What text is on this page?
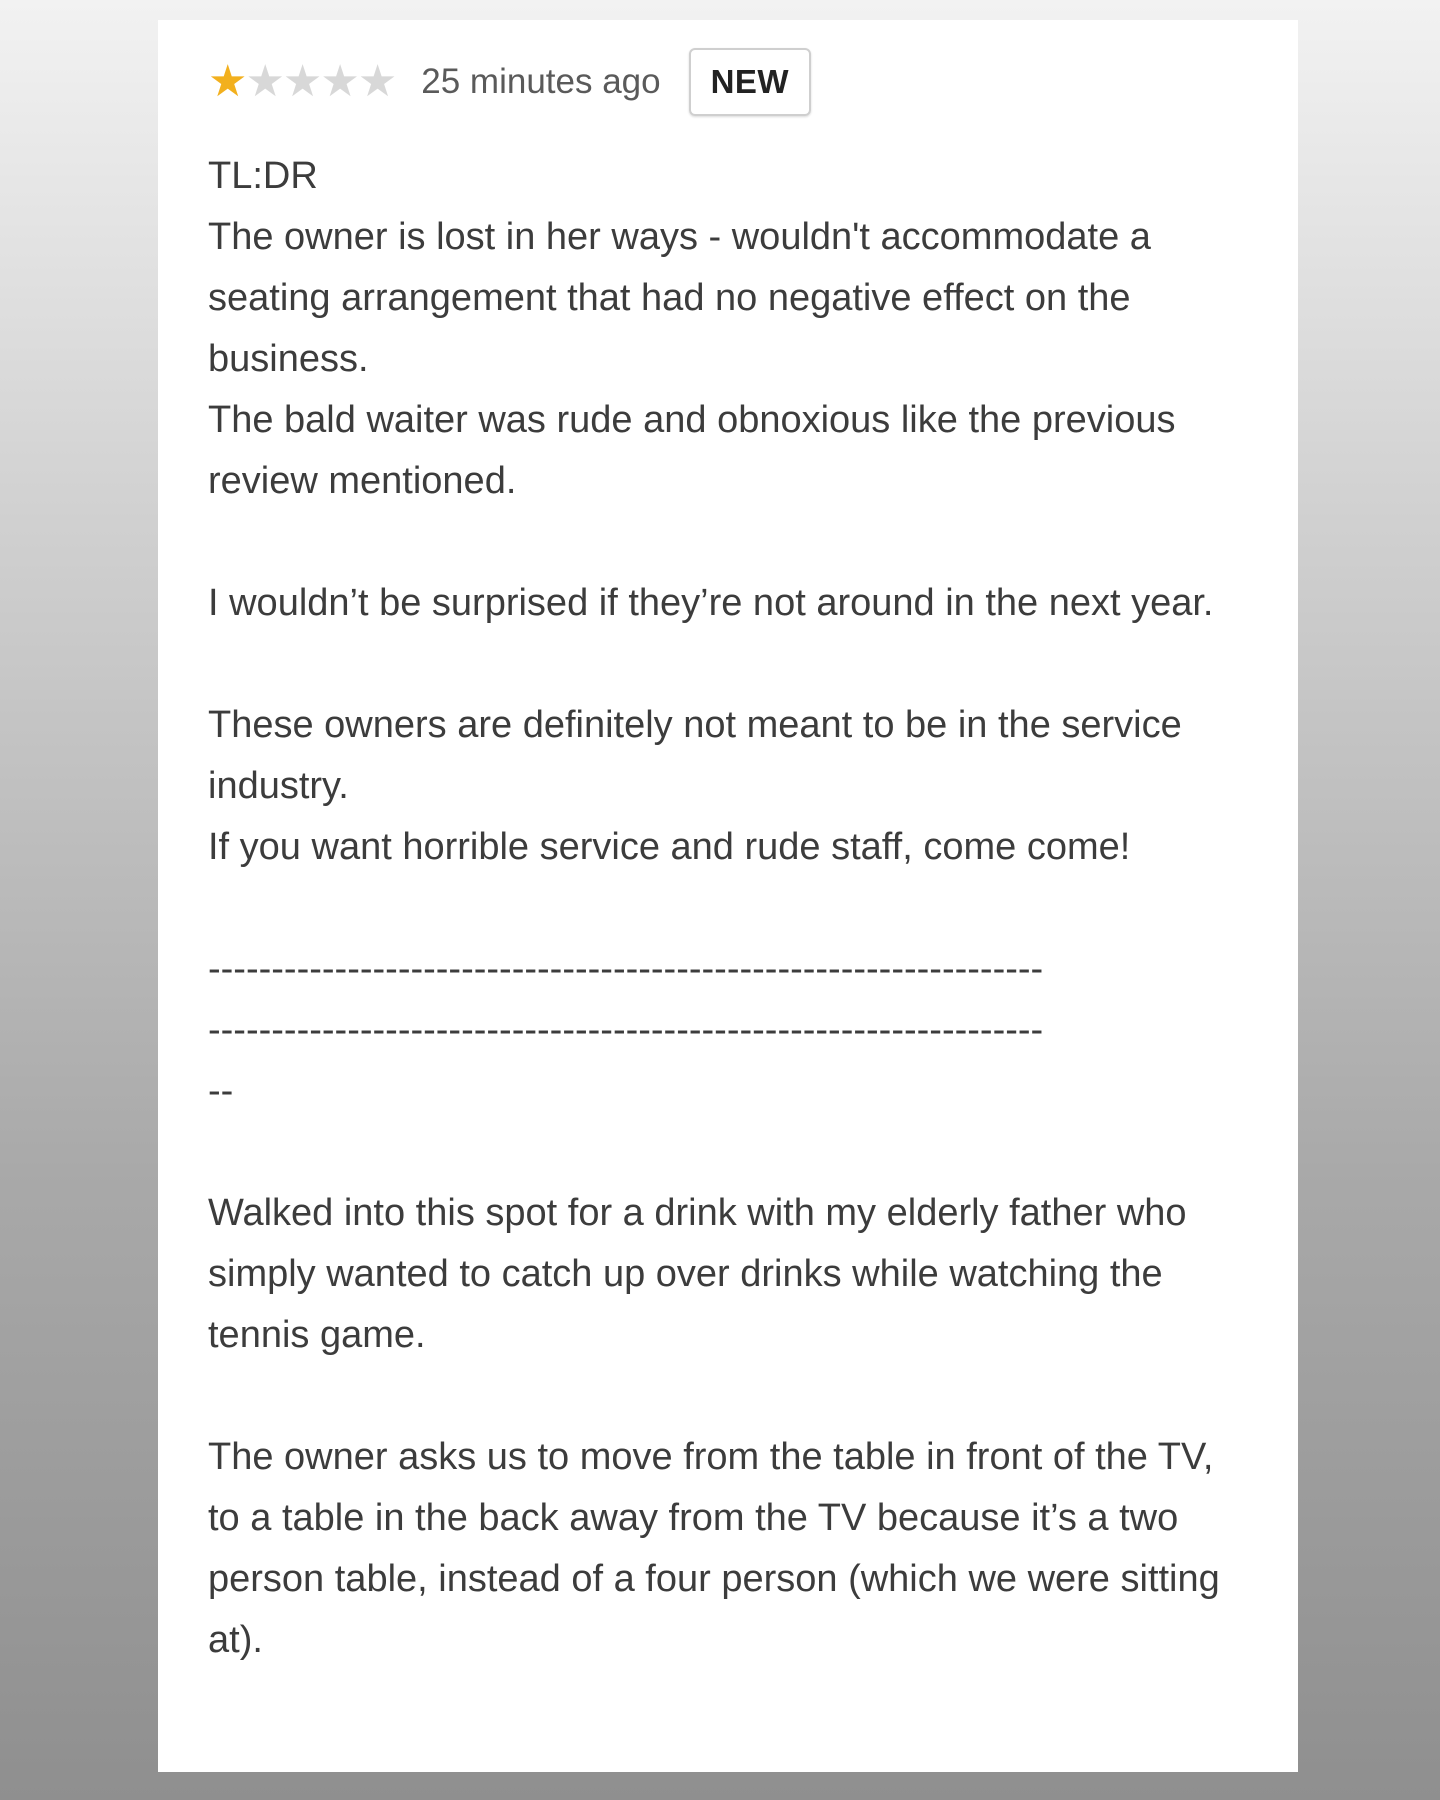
★
★
★
★
★ 25 minutes ago	NEW

TL:DR

The owner is lost in her ways - wouldn't accommodate a seating arrangement that had no negative effect on the business.

The bald waiter was rude and obnoxious like the previous review mentioned.

I wouldn’t be surprised if they’re not around in the next year.

These owners are definitely not meant to be in the service industry.

If you want horrible service and rude staff, come come!

------------------------------------------------------------------

------------------------------------------------------------------

--

Walked into this spot for a drink with my elderly father who simply wanted to catch up over drinks while watching the tennis game.

The owner asks us to move from the table in front of the TV, to a table in the back away from the TV because it’s a two person table, instead of a four person (which we were sitting at).
